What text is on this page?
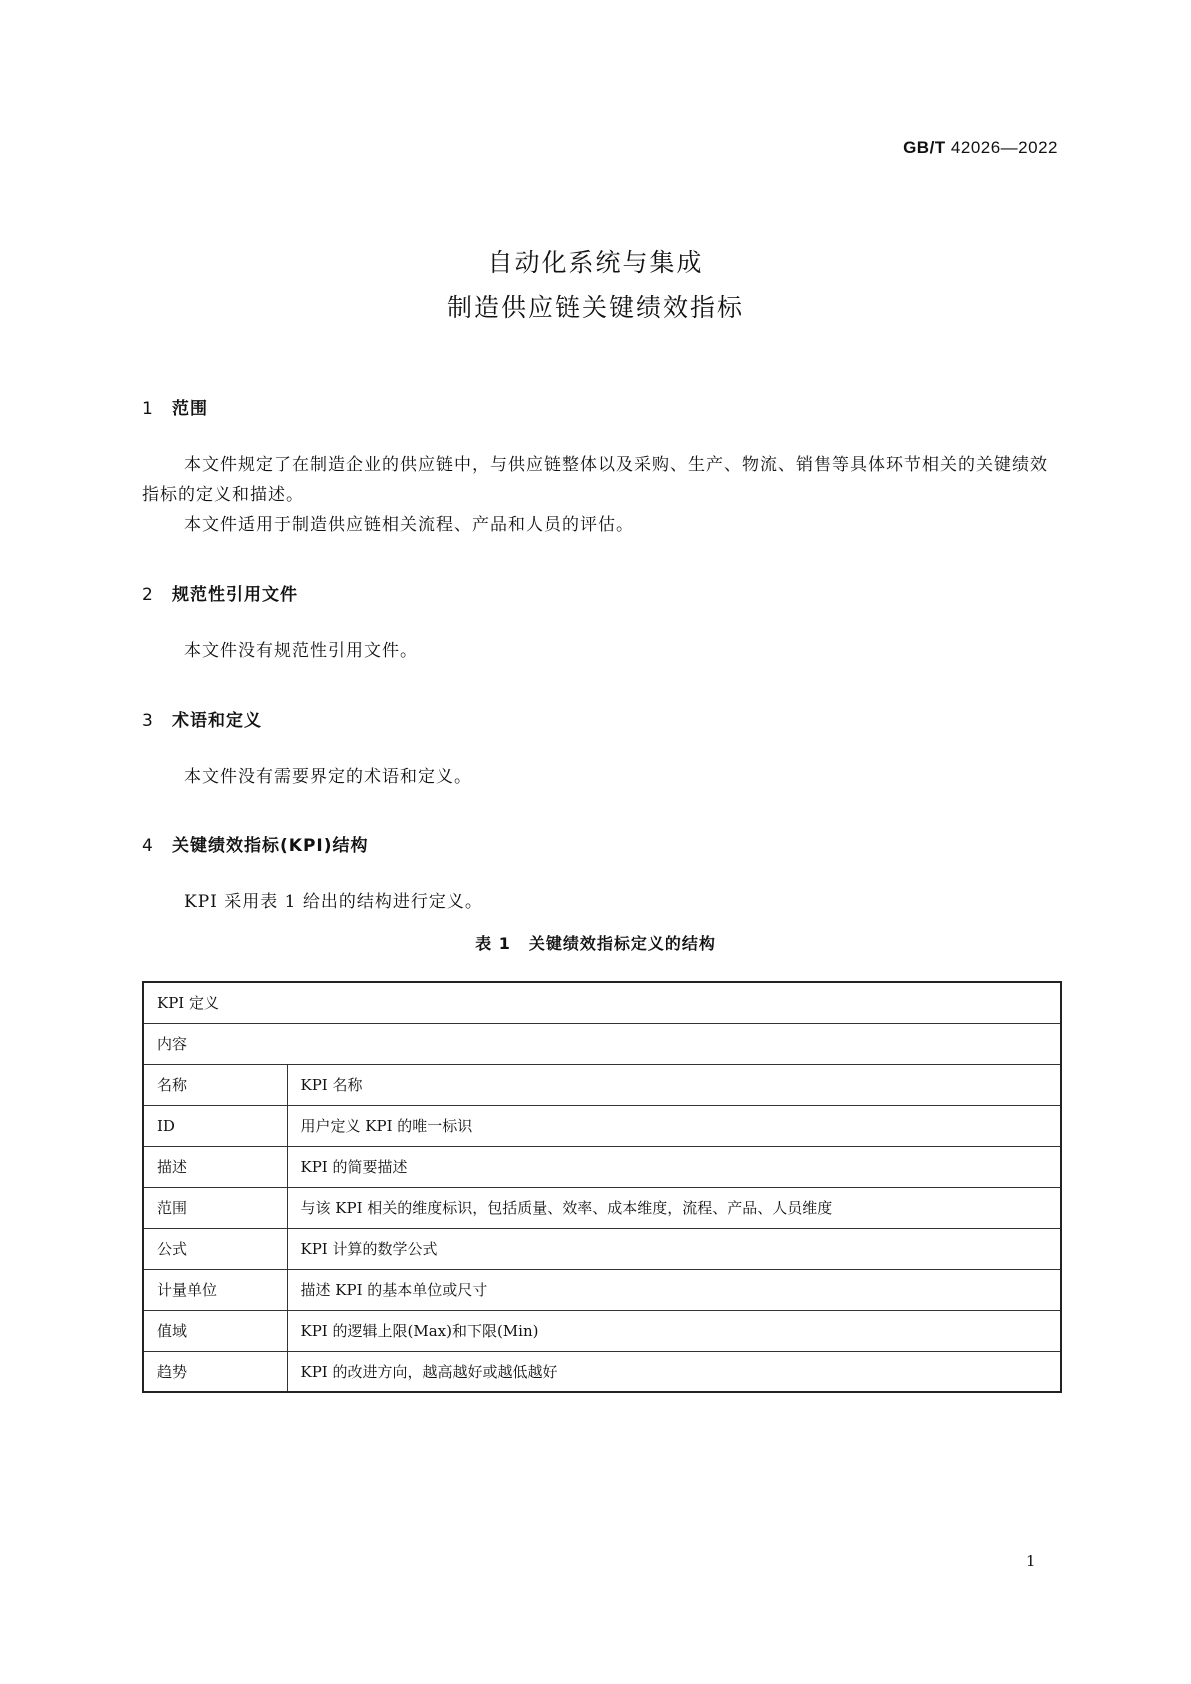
GB/T 42026—2022
自动化系统与集成
制造供应链关键绩效指标
1 范围
本文件规定了在制造企业的供应链中，与供应链整体以及采购、生产、物流、销售等具体环节相关的关键绩效指标的定义和描述。
本文件适用于制造供应链相关流程、产品和人员的评估。
2 规范性引用文件
本文件没有规范性引用文件。
3 术语和定义
本文件没有需要界定的术语和定义。
4 关键绩效指标(KPI)结构
KPI 采用表 1 给出的结构进行定义。
表 1 关键绩效指标定义的结构
KPI 定义	
内容	
名称	KPI 名称
ID	用户定义 KPI 的唯一标识
描述	KPI 的简要描述
范围	与该 KPI 相关的维度标识，包括质量、效率、成本维度，流程、产品、人员维度
公式	KPI 计算的数学公式
计量单位	描述 KPI 的基本单位或尺寸
值域	KPI 的逻辑上限(Max)和下限(Min)
趋势	KPI 的改进方向，越高越好或越低越好
1
